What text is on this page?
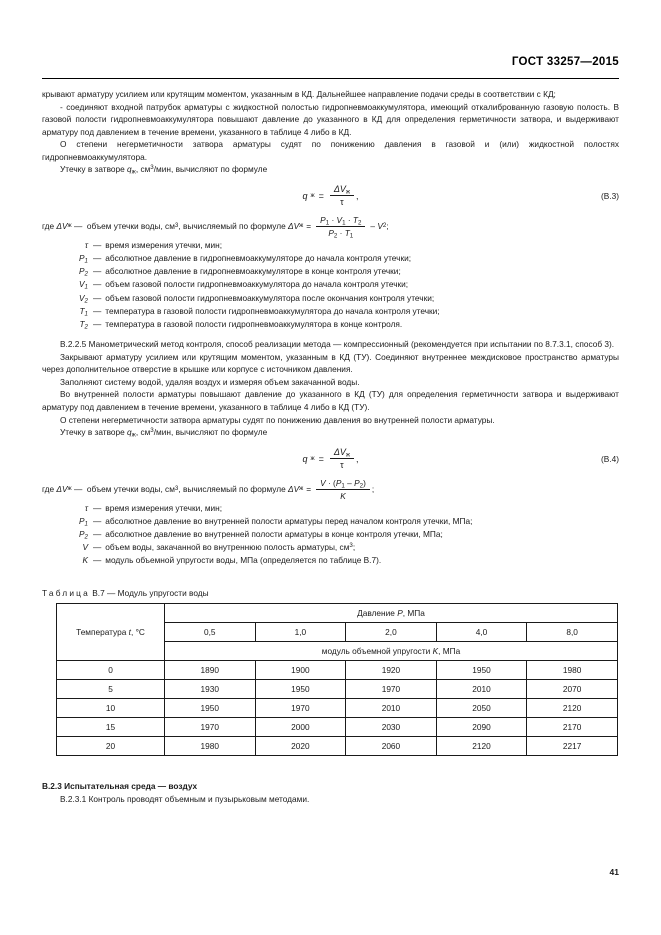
ГОСТ 33257—2015

крывают арматуру усилием или крутящим моментом, указанным в КД. Дальнейшее направление подачи среды в соответствии с КД;

- соединяют входной патрубок арматуры с жидкостной полостью гидропневмоаккумулятора, имеющий откалиброванную газовую полость. В газовой полости гидропневмоаккумулятора повышают давление до указанного в КД для определения герметичности затвора, и выдерживают арматуру под давлением в течение времени, указанного в таблице 4 либо в КД.

О степени негерметичности затвора арматуры судят по понижению давления в газовой и (или) жидкостной полостях гидропневмоаккумулятора.

Утечку в затворе $q_ж$, $см^3$/мин, вычисляют по формуле

q $ж = \frac{\Delta V_ж}{\tau}$ ,	(В.3)
где
ΔV ж
—
объем утечки воды, см 3 , вычисляемый по формуле
ΔV $ж = \frac{P_1 \cdot V_1 \cdot T_2}{P_2 \cdot T_1}$ –
V 2 ;
τ — время измерения утечки, мин;
$P_1$ — абсолютное давление в гидропневмоаккумуляторе до начала контроля утечки;
$P_2$ — абсолютное давление в гидропневмоаккумуляторе в конце контроля утечки;
$V_1$ — объем газовой полости гидропневмоаккумулятора до начала контроля утечки;
$V_2$ — объем газовой полости гидропневмоаккумулятора после окончания контроля утечки;
$T_1$ — температура в газовой полости гидропневмоаккумулятора до начала контроля утечки;
$T_2$ — температура в газовой полости гидропневмоаккумулятора в конце контроля.

В.2.2.5 Манометрический метод контроля, способ реализации метода — компрессионный (рекомендуется при испытании по 8.7.3.1, способ 3).

Закрывают арматуру усилием или крутящим моментом, указанным в КД (ТУ). Соединяют внутреннее междисковое пространство арматуры через дополнительное отверстие в крышке или корпусе с источником давления.

Заполняют систему водой, удаляя воздух и измеряя объем закачанной воды.

Во внутренней полости арматуры повышают давление до указанного в КД (ТУ) для определения герметичности затвора и выдерживают арматуру под давлением в течение времени, указанного в таблице 4 либо в КД (ТУ).

О степени негерметичности затвора арматуры судят по понижению давления во внутренней полости арматуры.

Утечку в затворе $q_ж$, $см^3$/мин, вычисляют по формуле

q $ж = \frac{\Delta V_ж}{\tau}$ ,	(В.4)
где
ΔV ж
—
объем утечки воды, см 3 , вычисляемый по формуле
ΔV $ж = \frac{V \cdot (P_1 - P_2)}{K}$ ;
τ — время измерения утечки, мин;
$P_1$ — абсолютное давление во внутренней полости арматуры перед началом контроля утечки, МПа;
$P_2$ — абсолютное давление во внутренней полости арматуры в конце контроля утечки, МПа;
V — объем воды, закачанной во внутреннюю полость арматуры, $см^3$;
K — модуль объемной упругости воды, МПа (определяется по таблице В.7).
Таблица В.7 — Модуль упругости воды
Температура t, °C	Давление P, МПа				
	0,5	1,0	2,0	4,0	8,0
	модуль объемной упругости K, МПа				
0	1890	1900	1920	1950	1980
5	1930	1950	1970	2010	2070
10	1950	1970	2010	2050	2120
15	1970	2000	2030	2090	2170
20	1980	2020	2060	2120	2217

В.2.3 Испытательная среда — воздух

В.2.3.1 Контроль проводят объемным и пузырьковым методами.

41
